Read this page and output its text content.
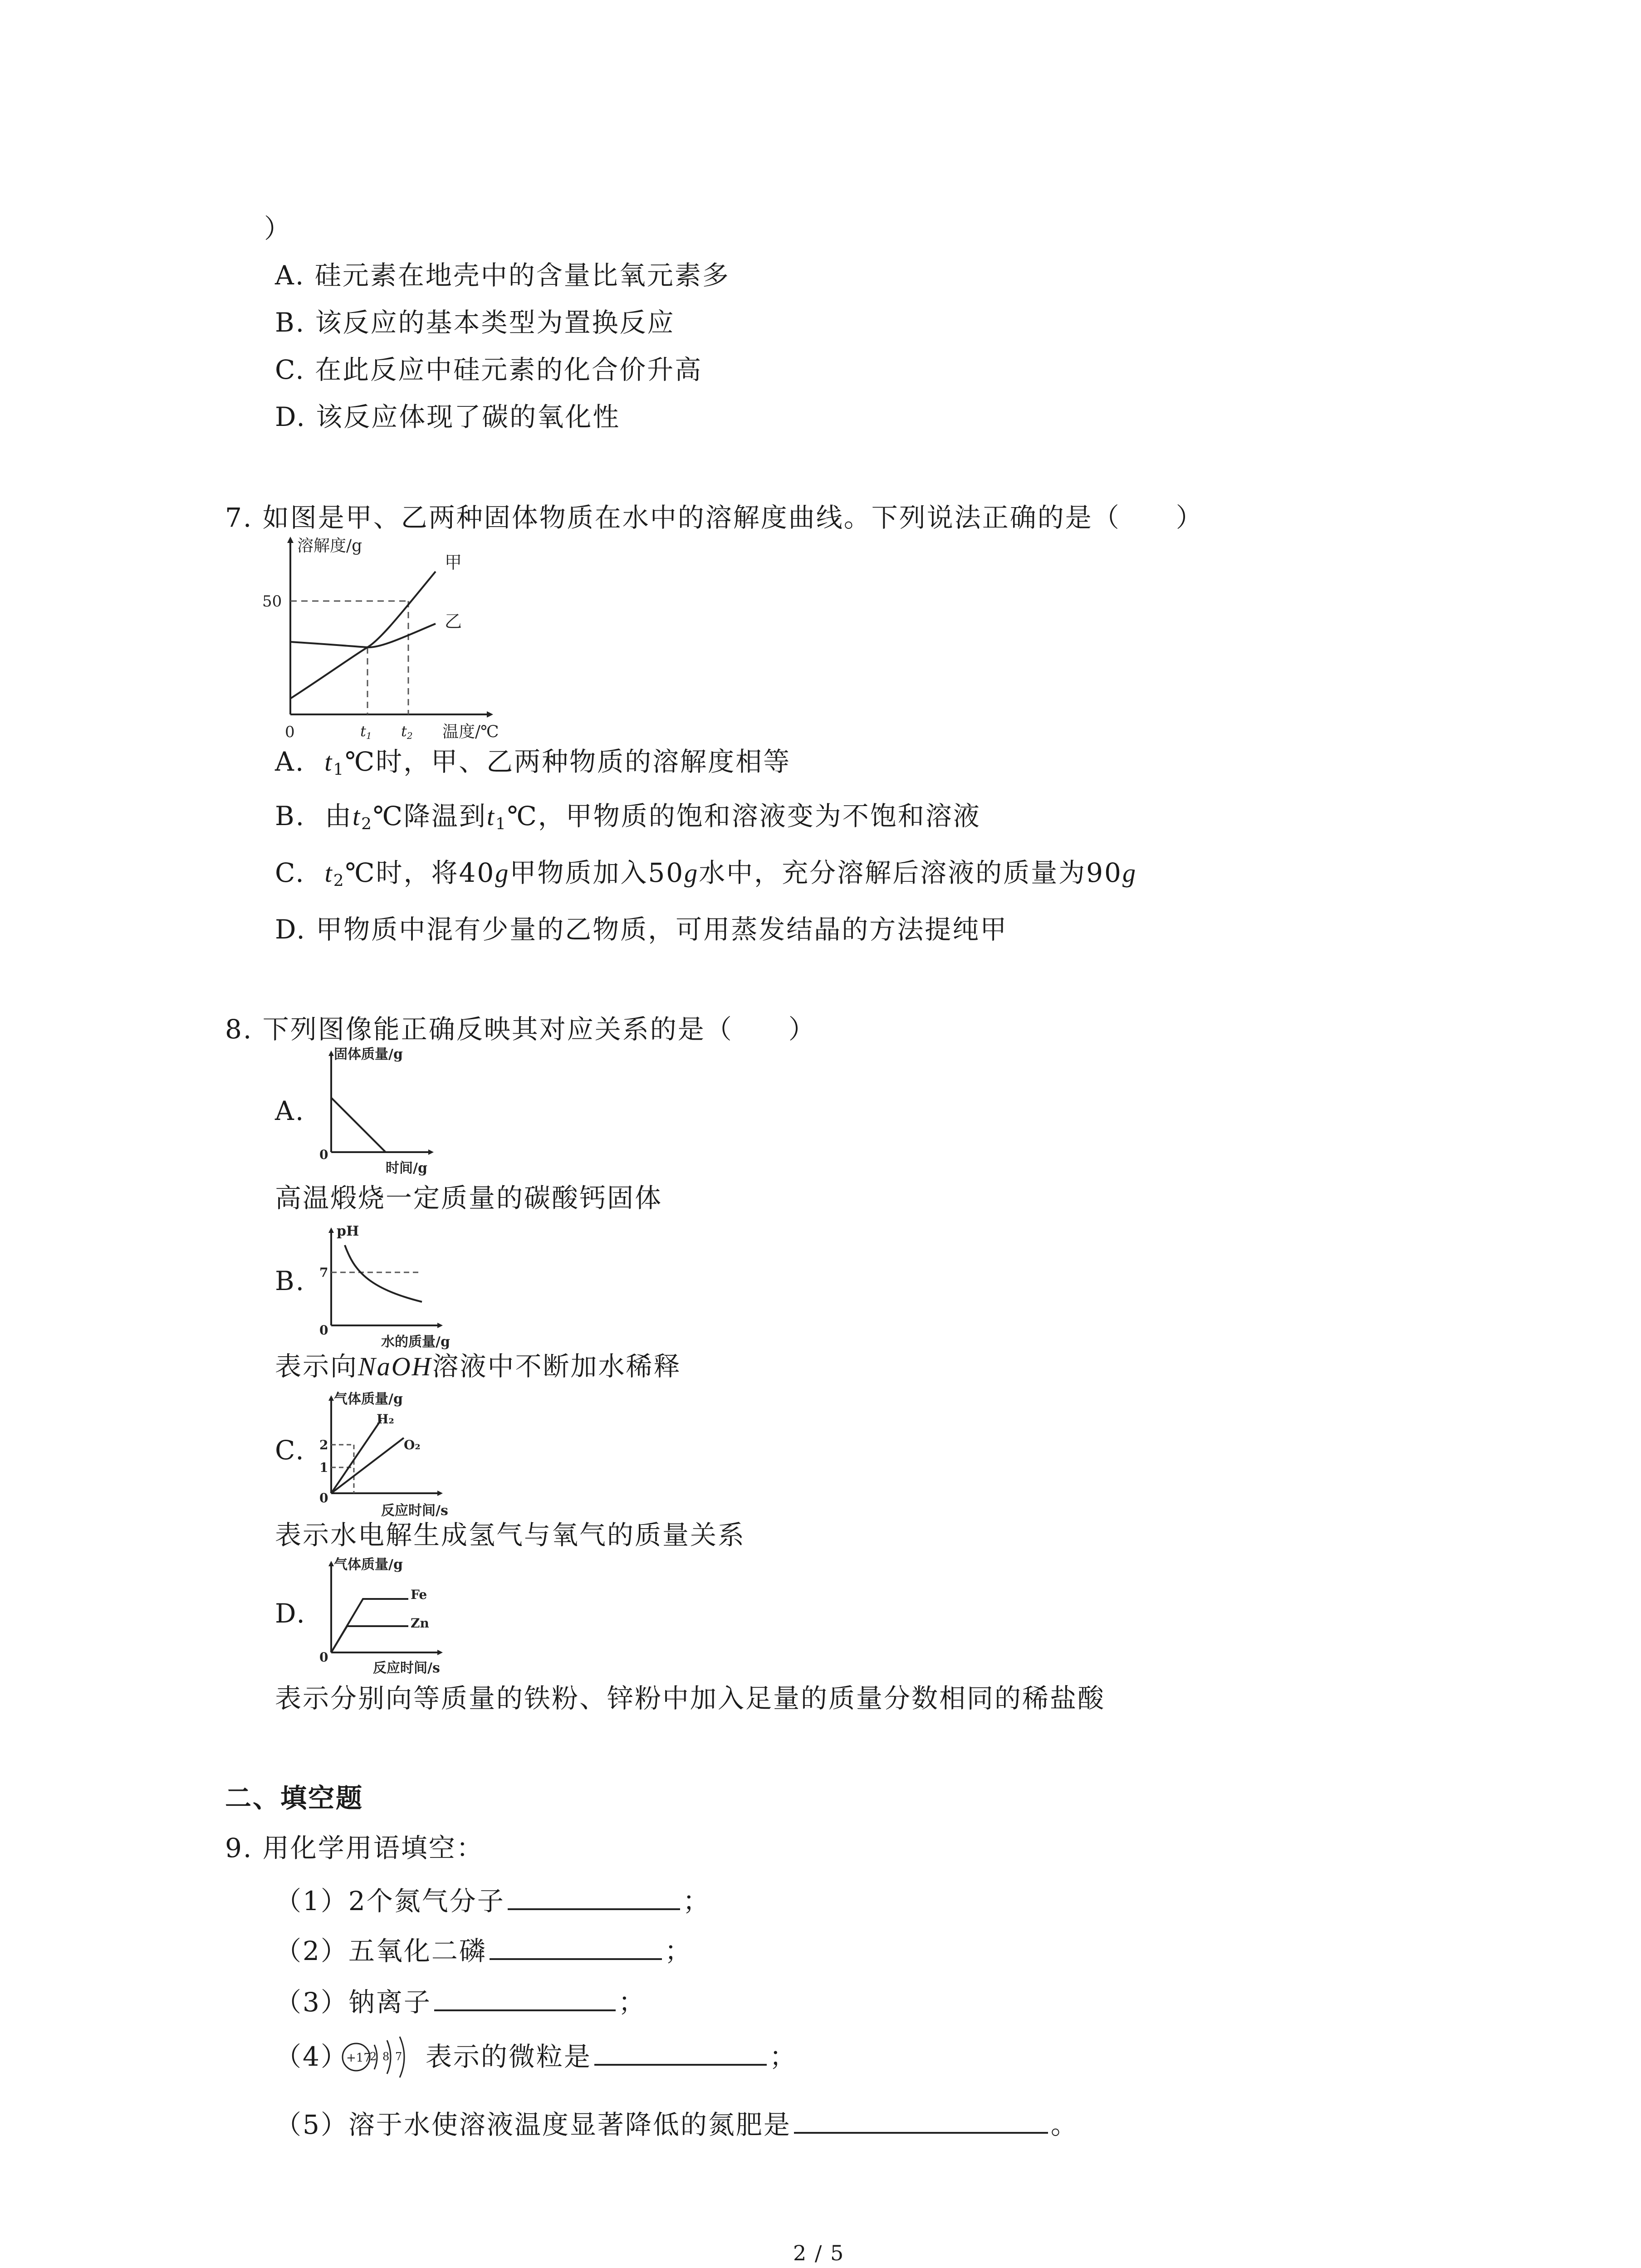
）
A. 硅元素在地壳中的含量比氧元素多
B. 该反应的基本类型为置换反应
C. 在此反应中硅元素的化合价升高
D. 该反应体现了碳的氧化性
7. 如图是甲、乙两种固体物质在水中的溶解度曲线。下列说法正确的是（　　）
溶解度/g
温度/℃
0
50
t1 t2
甲
乙
A. $t_1℃$时，甲、乙两种物质的溶解度相等
B. 由$t_2℃$降温到$t_1℃$，甲物质的饱和溶液变为不饱和溶液
C. $t_2℃$时，将40g甲物质加入50g水中，充分溶解后溶液的质量为90g
D. 甲物质中混有少量的乙物质，可用蒸发结晶的方法提纯甲
8. 下列图像能正确反映其对应关系的是（　　）
A.
固体质量/g
时间/g
0
高温煅烧一定质量的碳酸钙固体
B.
pH
水的质量/g
0
7
表示向NaOH溶液中不断加水稀释
C.
气体质量/g
反应时间/s
0
2
1
H₂
O₂
表示水电解生成氢气与氧气的质量关系
D.
气体质量/g
反应时间/s
0
Fe
Zn
表示分别向等质量的铁粉、锌粉中加入足量的质量分数相同的稀盐酸
二、填空题
9. 用化学用语填空：
（1）2个氮气分子	；
（2）五氧化二磷	；
（3）钠离子	；
（4）	表示的微粒是	；
+17
2 8 7
（5）溶于水使溶液温度显著降低的氮肥是	。
2 / 5
